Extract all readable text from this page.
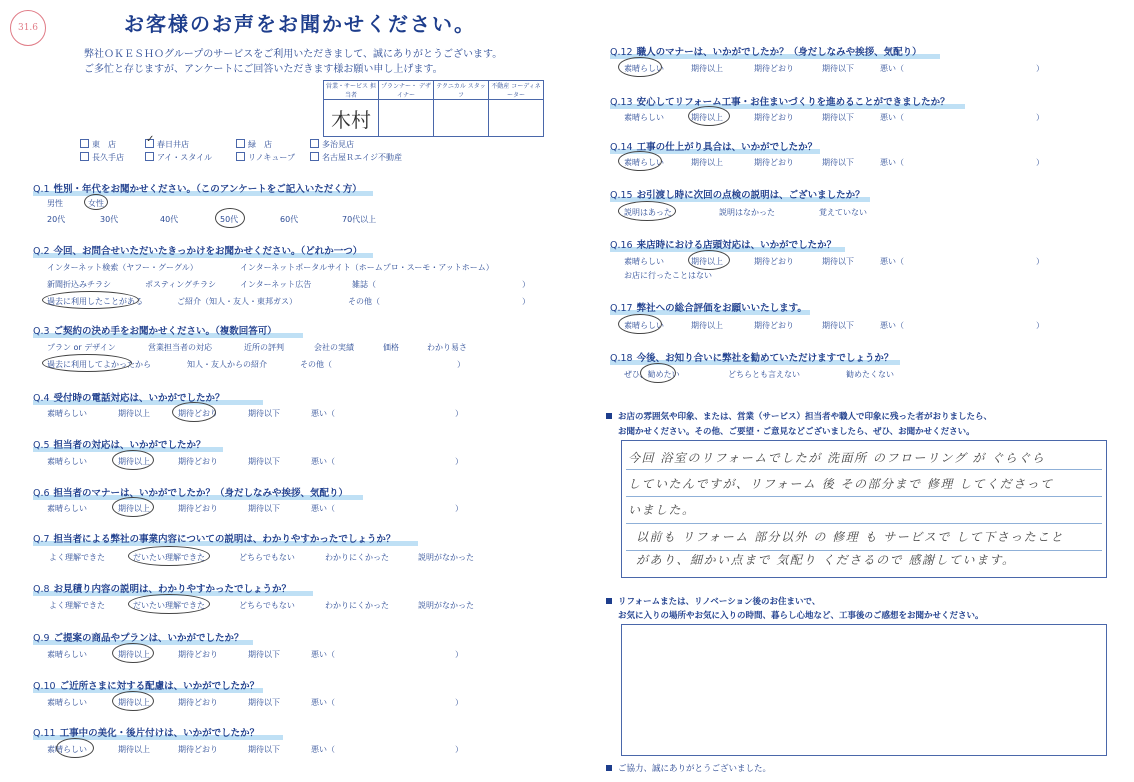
31.6	お客様のお声をお聞かせください。
弊社ＯＫＥＳＨＯグループのサービスをご利用いただきまして、誠にありがとうございます。
ご多忙と存じますが、アンケートにご回答いただきます様お願い申し上げます。
営業・サービス 担当者	プランナー・ デザイナー	テクニカル スタッフ	不動産 コーディネーター
木村			
東　店 ✓	春日井店	緑　店	多治見店
長久手店	アイ・スタイル	リノキューブ	名古屋Ｒエイジ不動産
Q.1 性別・年代をお聞かせください。（このアンケートをご記入いただく方）
男性	女性
20代	30代	40代	50代	60代	70代以上
Q.2 今回、お問合せいただいたきっかけをお聞かせください。（どれか一つ）
インターネット検索（ヤフー・グーグル）	インターネットポータルサイト（ホームプロ・スーモ・アットホーム）
新聞折込みチラシ	ポスティングチラシ	インターネット広告	雑誌（	）
過去に利用したことがある	ご紹介（知人・友人・東邦ガス）	その他（	）
Q.3 ご契約の決め手をお聞かせください。（複数回答可）
プラン or デザイン	営業担当者の対応	近所の評判	会社の実績	価格	わかり易さ
過去に利用してよかったから	知人・友人からの紹介	その他（	）
Q.4 受付時の電話対応は、いかがでしたか？
素晴らしい	期待以上	期待どおり	期待以下	悪い（	）
Q.5 担当者の対応は、いかがでしたか？
素晴らしい	期待以上	期待どおり	期待以下	悪い（	）
Q.6 担当者のマナーは、いかがでしたか？（身だしなみや挨拶、気配り）
素晴らしい	期待以上	期待どおり	期待以下	悪い（	）
Q.7 担当者による弊社の事業内容についての説明は、わかりやすかったでしょうか？
よく理解できた	だいたい理解できた	どちらでもない	わかりにくかった	説明がなかった
Q.8 お見積り内容の説明は、わかりやすかったでしょうか？
よく理解できた	だいたい理解できた	どちらでもない	わかりにくかった	説明がなかった
Q.9 ご提案の商品やプランは、いかがでしたか？
素晴らしい	期待以上	期待どおり	期待以下	悪い（	）
Q.10 ご近所さまに対する配慮は、いかがでしたか？
素晴らしい	期待以上	期待どおり	期待以下	悪い（	）
Q.11 工事中の美化・後片付けは、いかがでしたか？
素晴らしい	期待以上	期待どおり	期待以下	悪い（	）
Q.12 職人のマナーは、いかがでしたか？（身だしなみや挨拶、気配り）
素晴らしい	期待以上	期待どおり	期待以下	悪い（	）
Q.13 安心してリフォーム工事・お住まいづくりを進めることができましたか？
素晴らしい	期待以上	期待どおり	期待以下	悪い（	）
Q.14 工事の仕上がり具合は、いかがでしたか？
素晴らしい	期待以上	期待どおり	期待以下	悪い（	）
Q.15 お引渡し時に次回の点検の説明は、ございましたか？
説明はあった	説明はなかった	覚えていない
Q.16 来店時における店頭対応は、いかがでしたか？
素晴らしい	期待以上	期待どおり	期待以下	悪い（	）
お店に行ったことはない
Q.17 弊社への総合評価をお願いいたします。
素晴らしい	期待以上	期待どおり	期待以下	悪い（	）
Q.18 今後、お知り合いに弊社を勧めていただけますでしょうか？
ぜひ、勧めたい	どちらとも言えない	勧めたくない
お店の雰囲気や印象、または、営業（サービス）担当者や職人で印象に残った者がおりましたら、
お聞かせください。その他、ご要望・ご意見などございましたら、ぜひ、お聞かせください。
今回 浴室のリフォームでしたが 洗面所 のフローリング が ぐらぐら
していたんですが、リフォーム 後 その部分まで 修理 してくださって
いました。
以前も リフォーム 部分以外 の 修理 も サービスで して下さったこと
があり、細かい点まで 気配り くださるので 感謝しています。
リフォームまたは、リノベーション後のお住まいで、
お気に入りの場所やお気に入りの時間、暮らし心地など、工事後のご感想をお聞かせください。
ご協力、誠にありがとうございました。
